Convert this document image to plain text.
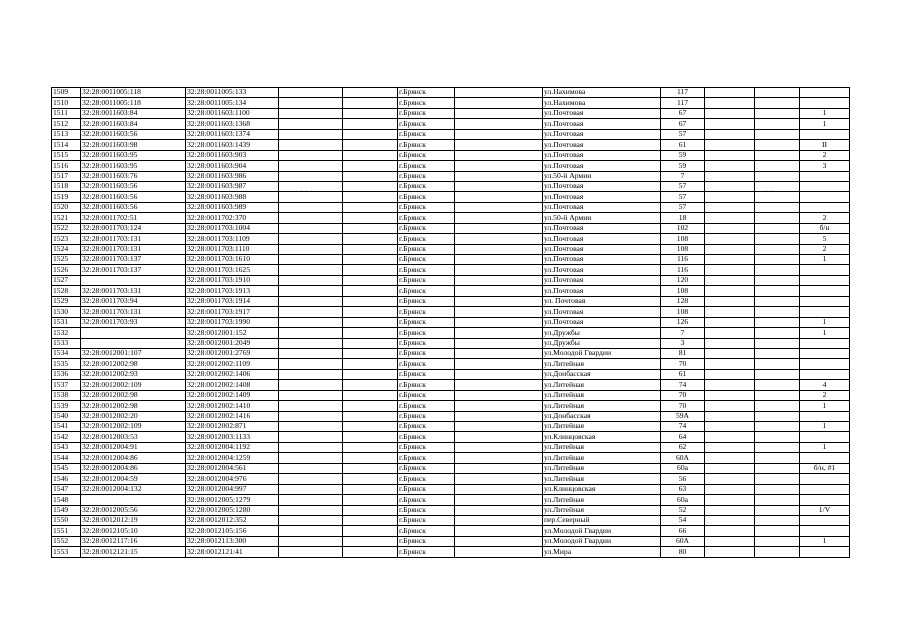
1509	32:28:0011005:118	32:28:0011005:133			г.Брянск		ул.Нахимова	117			
1510	32:28:0011005:118	32:28:0011005:134			г.Брянск		ул.Нахимова	117			
1511	32:28:0011603:84	32:28:0011603:1100			г.Брянск		ул.Почтовая	67			1
1512	32:28:0011603:84	32:28:0011603:1368			г.Брянск		ул.Почтовая	67			1
1513	32:28:0011603:56	32:28:0011603:1374			г.Брянск		ул.Почтовая	57			
1514	32:28:0011603:98	32:28:0011603:1439			г.Брянск		ул.Почтовая	61			II
1515	32:28:0011603:95	32:28:0011603:903			г.Брянск		ул.Почтовая	59			2
1516	32:28:0011603:95	32:28:0011603:904			г.Брянск		ул.Почтовая	59			3
1517	32:28:0011603:76	32:28:0011603:986			г.Брянск		ул.50-й Армии	7			
1518	32:28:0011603:56	32:28:0011603:987			г.Брянск		ул.Почтовая	57			
1519	32:28:0011603:56	32:28:0011603:988			г.Брянск		ул.Почтовая	57			
1520	32:28:0011603:56	32:28:0011603:989			г.Брянск		ул.Почтовая	57			
1521	32:28:0011702:51	32:28:0011702:370			г.Брянск		ул.50-й Армии	18			2
1522	32:28:0011703:124	32:28:0011703:1004			г.Брянск		ул.Почтовая	102			б/н
1523	32:28:0011703:131	32:28:0011703:1109			г.Брянск		ул.Почтовая	108			5
1524	32:28:0011703:131	32:28:0011703:1110			г.Брянск		ул.Почтовая	108			2
1525	32:28:0011703:137	32:28:0011703:1610			г.Брянск		ул.Почтовая	116			1
1526	32:28:0011703:137	32:28:0011703:1625			г.Брянск		ул.Почтовая	116			
1527		32:28:0011703:1910			г.Брянск		ул.Почтовая	120			
1528	32:28:0011703:131	32:28:0011703:1913			г.Брянск		ул.Почтовая	108			
1529	32:28:0011703:94	32:28:0011703:1914			г.Брянск		ул. Почтовая	128			
1530	32:28:0011703:131	32:28:0011703:1917			г.Брянск		ул.Почтовая	108			
1531	32:28:0011703:93	32:28:0011703:1990			г.Брянск		ул.Почтовая	126			1
1532		32:28:0012001:152			г.Брянск		ул.Дружбы	7			1
1533		32:28:0012001:2049			г.Брянск		ул.Дружбы	3			
1534	32:28:0012001:107	32:28:0012001:2769			г.Брянск		ул.Молодой Гвардии	81			
1535	32:28:0012002:98	32:28:0012002:1109			г.Брянск		ул.Литейная	70			
1536	32:28:0012002:93	32:28:0012002:1406			г.Брянск		ул.Донбасская	61			
1537	32:28:0012002:109	32:28:0012002:1408			г.Брянск		ул.Литейная	74			4
1538	32:28:0012002:98	32:28:0012002:1409			г.Брянск		ул.Литейная	70			2
1539	32:28:0012002:98	32:28:0012002:1410			г.Брянск		ул.Литейная	70			1
1540	32:28:0012002:20	32:28:0012002:1416			г.Брянск		ул.Донбасская	59А			
1541	32:28:0012002:109	32:28:0012002:871			г.Брянск		ул.Литейная	74			1
1542	32:28:0012003:53	32:28:0012003:1133			г.Брянск		ул.Клинцовская	64			
1543	32:28:0012004:91	32:28:0012004:1192			г.Брянск		ул.Литейная	62			1
1544	32:28:0012004:86	32:28:0012004:1259			г.Брянск		ул.Литейная	60А			
1545	32:28:0012004:86	32:28:0012004:561			г.Брянск		ул.Литейная	60а			б/н, #1
1546	32:28:0012004:59	32:28:0012004:976			г.Брянск		ул.Литейная	56			
1547	32:28:0012004:132	32:28:0012004:997			г.Брянск		ул.Клинцовская	63			
1548		32:28:0012005:1279			г.Брянск		ул.Литейная	60а			
1549	32:28:0012005:56	32:28:0012005:1280			г.Брянск		ул.Литейная	52			1/V
1550	32:28:0012012:19	32:28:0012012:352			г.Брянск		пер.Северный	54			
1551	32:28:0012105:10	32:28:0012105:156			г.Брянск		ул.Молодой Гвардии	66			
1552	32:28:0012117:16	32:28:0012113:300			г.Брянск		ул.Молодой Гвардии	60А			1
1553	32:28:0012121:15	32:28:0012121:41			г.Брянск		ул.Мира	80			
˙ ˙ ˙	˙ ˙
